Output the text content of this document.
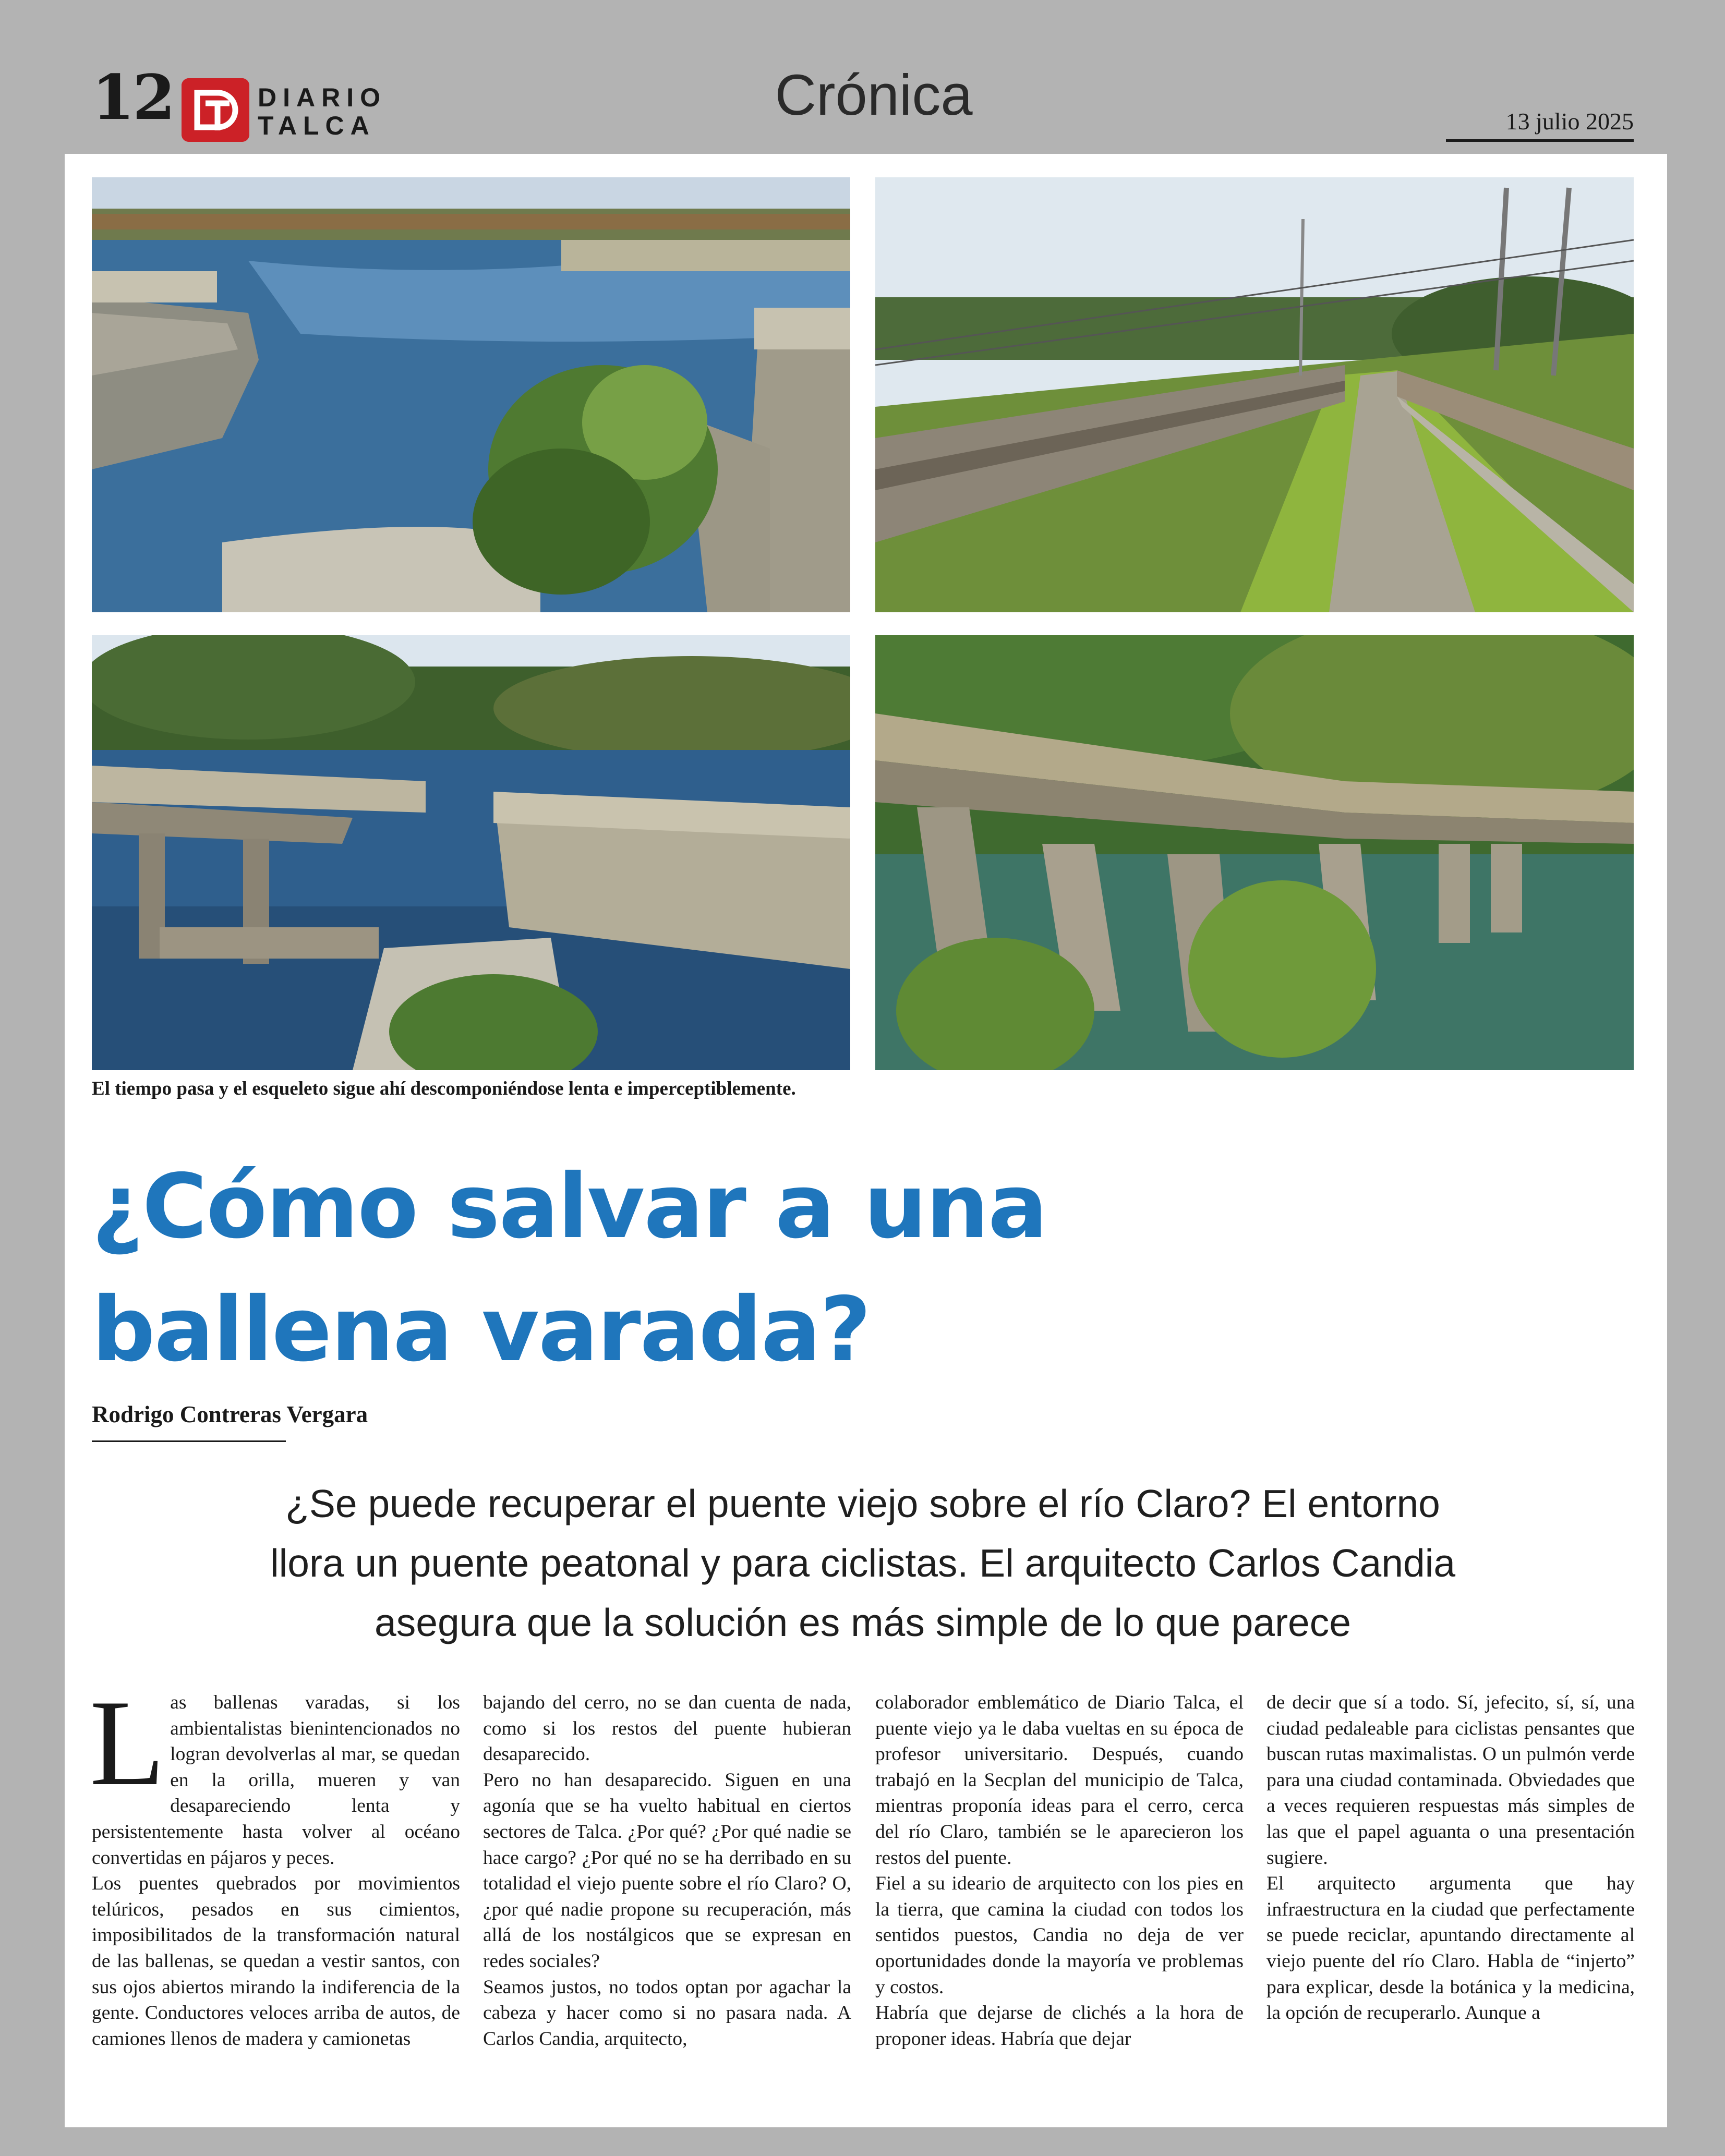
12	DIARIO
TALCA	Crónica	13 julio 2025
El tiempo pasa y el esqueleto sigue ahí descomponiéndose lenta e imperceptiblemente.
¿Cómo salvar a una
ballena varada?
Rodrigo Contreras Vergara
¿Se puede recuperar el puente viejo sobre el río Claro? El entorno
llora un puente peatonal y para ciclistas. El arquitecto Carlos Candia
asegura que la solución es más simple de lo que parece
L as ballenas varadas, si los ambientalistas bienintencionados no logran devolverlas al mar, se quedan en la orilla, mueren y van desapareciendo lenta y persistentemente hasta volver al océano convertidas en pájaros y peces.

Los puentes quebrados por movimientos telúricos, pesados en sus cimientos, imposibilitados de la transformación natural de las ballenas, se quedan a vestir santos, con sus ojos abiertos mirando la indiferencia de la gente. Conductores veloces arriba de autos, de camiones llenos de madera y camionetas

bajando del cerro, no se dan cuenta de nada, como si los restos del puente hubieran desaparecido.

Pero no han desaparecido. Siguen en una agonía que se ha vuelto habitual en ciertos sectores de Talca. ¿Por qué? ¿Por qué nadie se hace cargo? ¿Por qué no se ha derribado en su totalidad el viejo puente sobre el río Claro? O, ¿por qué nadie propone su recuperación, más allá de los nostálgicos que se expresan en redes sociales?

Seamos justos, no todos optan por agachar la cabeza y hacer como si no pasara nada. A Carlos Candia, arquitecto,

colaborador emblemático de Diario Talca, el puente viejo ya le daba vueltas en su época de profesor universitario. Después, cuando trabajó en la Secplan del municipio de Talca, mientras proponía ideas para el cerro, cerca del río Claro, también se le aparecieron los restos del puente.

Fiel a su ideario de arquitecto con los pies en la tierra, que camina la ciudad con todos los sentidos puestos, Candia no deja de ver oportunidades donde la mayoría ve problemas y costos.

Habría que dejarse de clichés a la hora de proponer ideas. Habría que dejar

de decir que sí a todo. Sí, jefecito, sí, sí, una ciudad pedaleable para ciclistas pensantes que buscan rutas maximalistas. O un pulmón verde para una ciudad contaminada. Obviedades que a veces requieren respuestas más simples de las que el papel aguanta o una presentación sugiere.

El arquitecto argumenta que hay infraestructura en la ciudad que perfectamente se puede reciclar, apuntando directamente al viejo puente del río Claro. Habla de “injerto” para explicar, desde la botánica y la medicina, la opción de recuperarlo. Aunque a
